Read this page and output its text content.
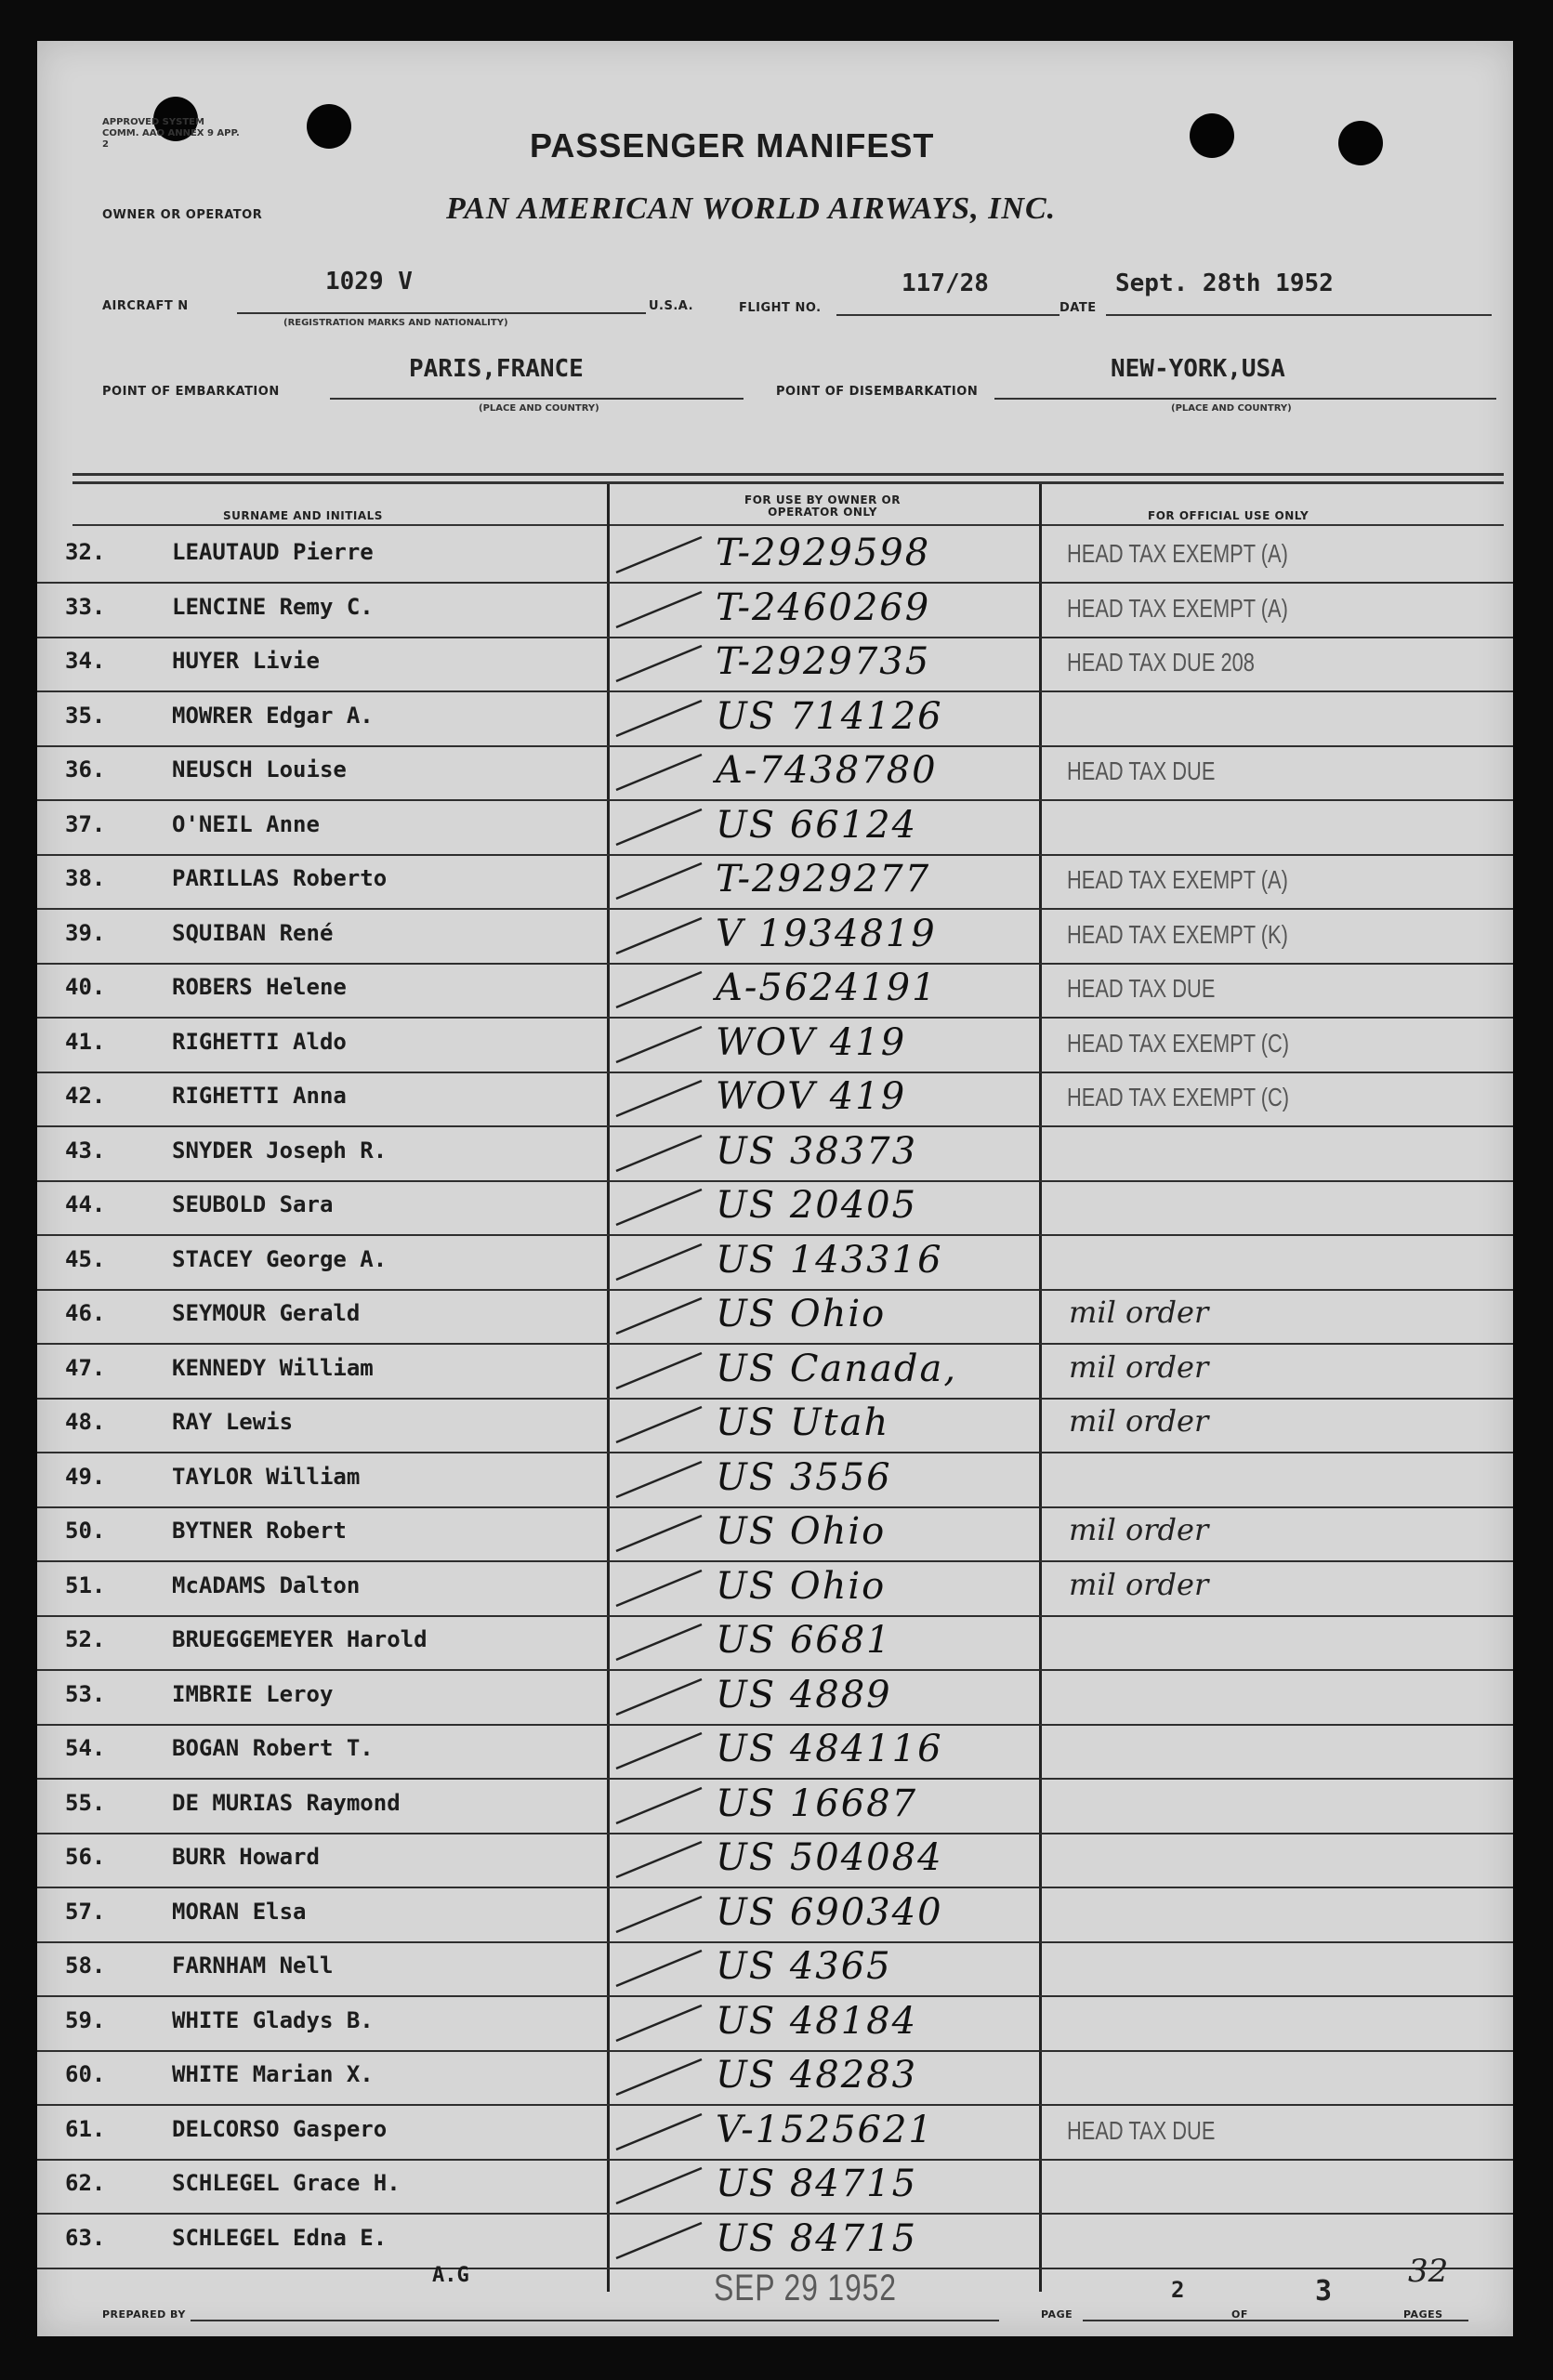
APPROVED SYSTEM COMM. AAO ANNEX 9 APP. 2	PASSENGER MANIFEST
OWNER OR OPERATOR	PAN AMERICAN WORLD AIRWAYS, INC.
AIRCRAFT N
1029 V
(REGISTRATION MARKS AND NATIONALITY)
U.S.A.	FLIGHT NO.
117/28
DATE
Sept. 28th 1952
POINT OF EMBARKATION
PARIS,FRANCE
(PLACE AND COUNTRY)
POINT OF DISEMBARKATION
NEW-YORK,USA
(PLACE AND COUNTRY)
SURNAME AND INITIALS
FOR USE BY OWNER OR OPERATOR ONLY	FOR OFFICIAL USE ONLY
32.	LEAUTAUD Pierre	T-2929598	HEAD TAX EXEMPT (A)
33.	LENCINE Remy C.	T-2460269	HEAD TAX EXEMPT (A)
34.	HUYER Livie	T-2929735	HEAD TAX DUE 208
35.	MOWRER Edgar A.	US 714126
36.	NEUSCH Louise	A-7438780	HEAD TAX DUE
37.	O'NEIL Anne	US 66124
38.	PARILLAS Roberto	T-2929277	HEAD TAX EXEMPT (A)
39.	SQUIBAN René	V 1934819	HEAD TAX EXEMPT (K)
40.	ROBERS Helene	A-5624191	HEAD TAX DUE
41.	RIGHETTI Aldo	WOV 419	HEAD TAX EXEMPT (C)
42.	RIGHETTI Anna	WOV 419	HEAD TAX EXEMPT (C)
43.	SNYDER Joseph R.	US 38373
44.	SEUBOLD Sara	US 20405
45.	STACEY George A.	US 143316
46.	SEYMOUR Gerald	US Ohio	mil order
47.	KENNEDY William	US Canada,	mil order
48.	RAY Lewis	US Utah	mil order
49.	TAYLOR William	US 3556
50.	BYTNER Robert	US Ohio	mil order
51.	McADAMS Dalton	US Ohio	mil order
52.	BRUEGGEMEYER Harold	US 6681
53.	IMBRIE Leroy	US 4889
54.	BOGAN Robert T.	US 484116
55.	DE MURIAS Raymond	US 16687
56.	BURR Howard	US 504084
57.	MORAN Elsa	US 690340
58.	FARNHAM Nell	US 4365
59.	WHITE Gladys B.	US 48184
60.	WHITE Marian X.	US 48283
61.	DELCORSO Gaspero	V-1525621	HEAD TAX DUE
62.	SCHLEGEL Grace H.	US 84715
63.	SCHLEGEL Edna E.	US 84715
PREPARED BY
A.G	SEP 29 1952
PAGE
2
OF
3
PAGES
32
